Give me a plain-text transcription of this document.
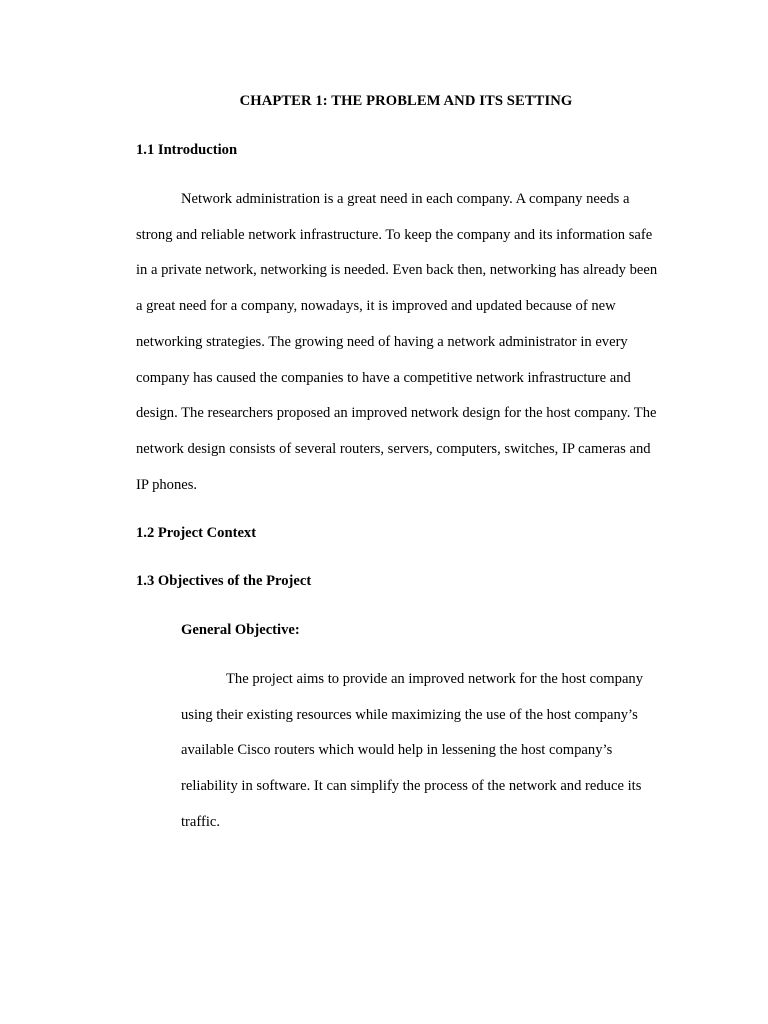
CHAPTER 1: THE PROBLEM AND ITS SETTING
1.1 Introduction
Network administration is a great need in each company. A company needs a
strong and reliable network infrastructure. To keep the company and its information safe
in a private network, networking is needed. Even back then, networking has already been
a great need for a company, nowadays, it is improved and updated because of new
networking strategies. The growing need of having a network administrator in every
company has caused the companies to have a competitive network infrastructure and
design. The researchers proposed an improved network design for the host company. The
network design consists of several routers, servers, computers, switches, IP cameras and
IP phones.
1.2 Project Context
1.3 Objectives of the Project
General Objective:
The project aims to provide an improved network for the host company
using their existing resources while maximizing the use of the host company’s
available Cisco routers which would help in lessening the host company’s
reliability in software. It can simplify the process of the network and reduce its
traffic.
